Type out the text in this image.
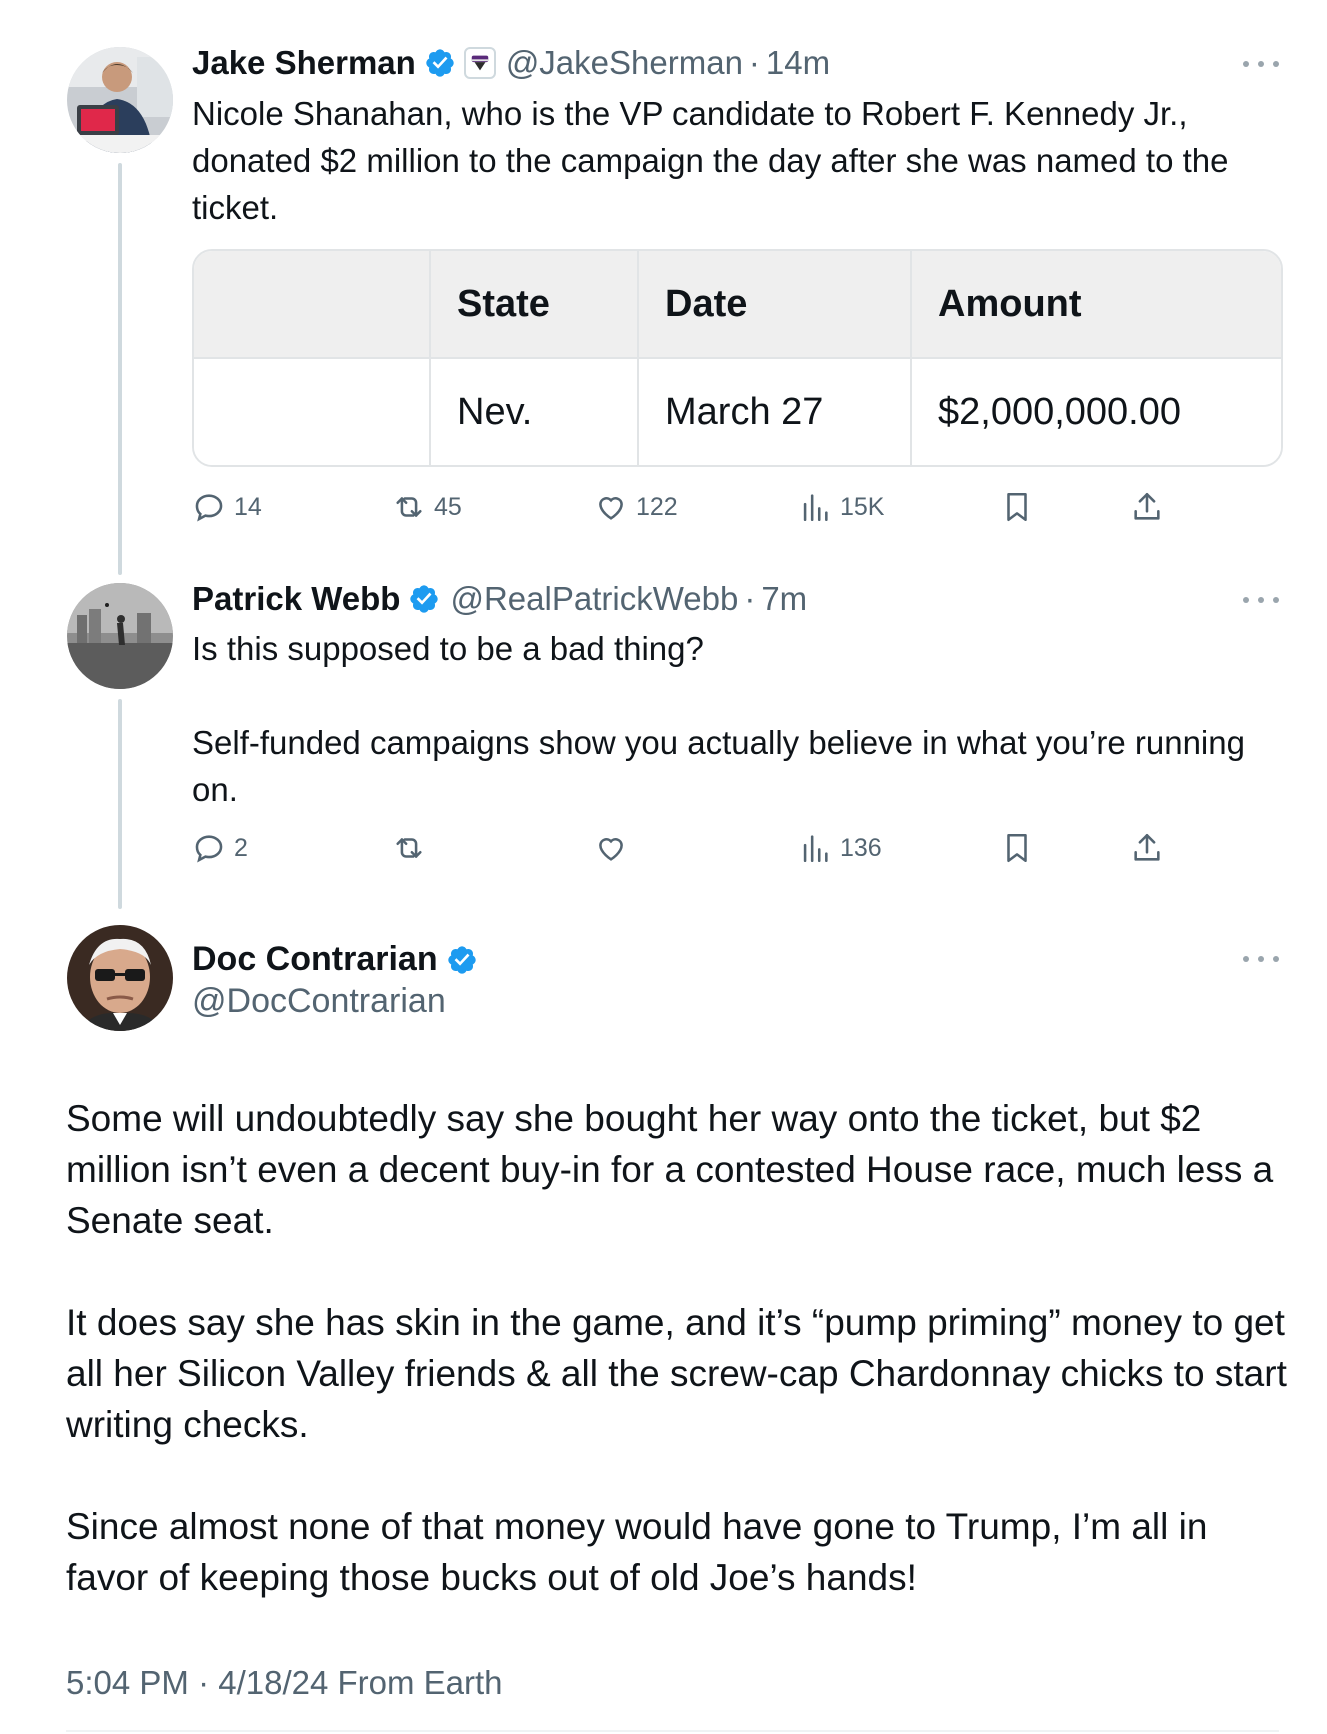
Jake Sherman	@JakeSherman · 14m
Nicole Shanahan, who is the VP candidate to Robert F. Kennedy Jr., donated $2 million to the campaign the day after she was named to the ticket.
State	Date	Amount
Nev.	March 27	$2,000,000.00
14	45	122	15K
Patrick Webb @RealPatrickWebb · 7m
Is this supposed to be a bad thing?

Self-funded campaigns show you actually believe in what you’re running on.
2	136
Doc Contrarian
@DocContrarian
Some will undoubtedly say she bought her way onto the ticket, but $2 million isn’t even a decent buy-in for a contested House race, much less a Senate seat.

It does say she has skin in the game, and it’s “pump priming” money to get all her Silicon Valley friends & all the screw-cap Chardonnay chicks to start writing checks.

Since almost none of that money would have gone to Trump, I’m all in favor of keeping those bucks out of old Joe’s hands!
5:04 PM · 4/18/24 From Earth
